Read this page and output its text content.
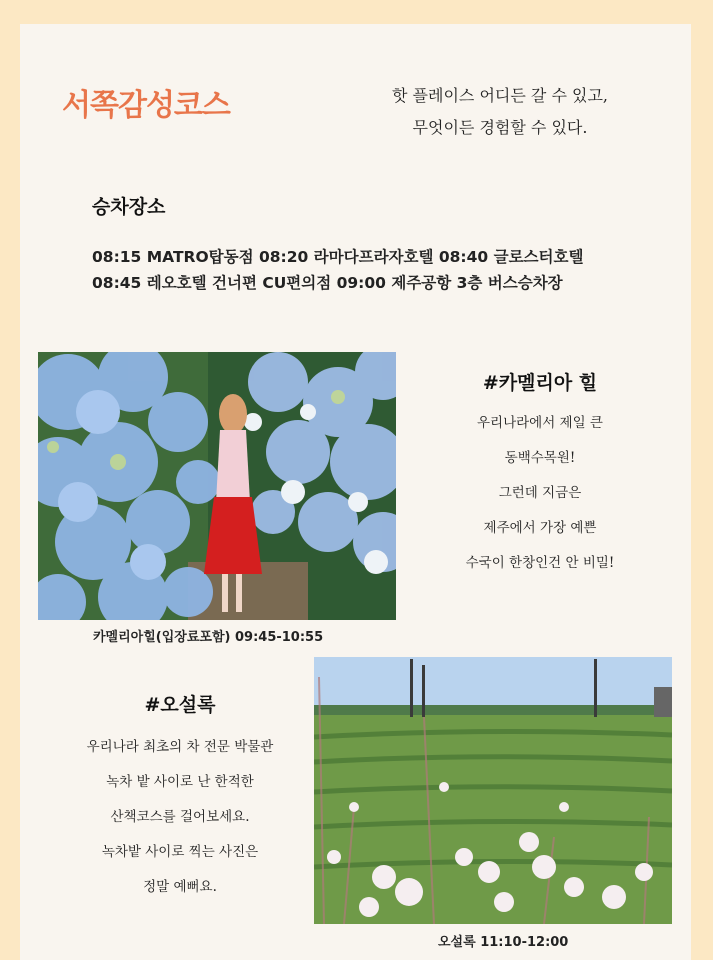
서쪽감성코스	핫 플레이스 어디든 갈 수 있고,
무엇이든 경험할 수 있다.
승차장소
08:15 MATRO탑동점 08:20 라마다프라자호텔 08:40 글로스터호텔
08:45 레오호텔 건너편 CU편의점 09:00 제주공항 3층 버스승차장
카멜리아힐(입장료포함) 09:45-10:55
#카멜리아 힐
우리나라에서 제일 큰
동백수목원!
그런데 지금은
제주에서 가장 예쁜
수국이 한창인건 안 비밀!
#오설록
우리나라 최초의 차 전문 박물관
녹차 밭 사이로 난 한적한
산책코스를 걸어보세요.
녹차밭 사이로 찍는 사진은
정말 예뻐요.
오설록 11:10-12:00
